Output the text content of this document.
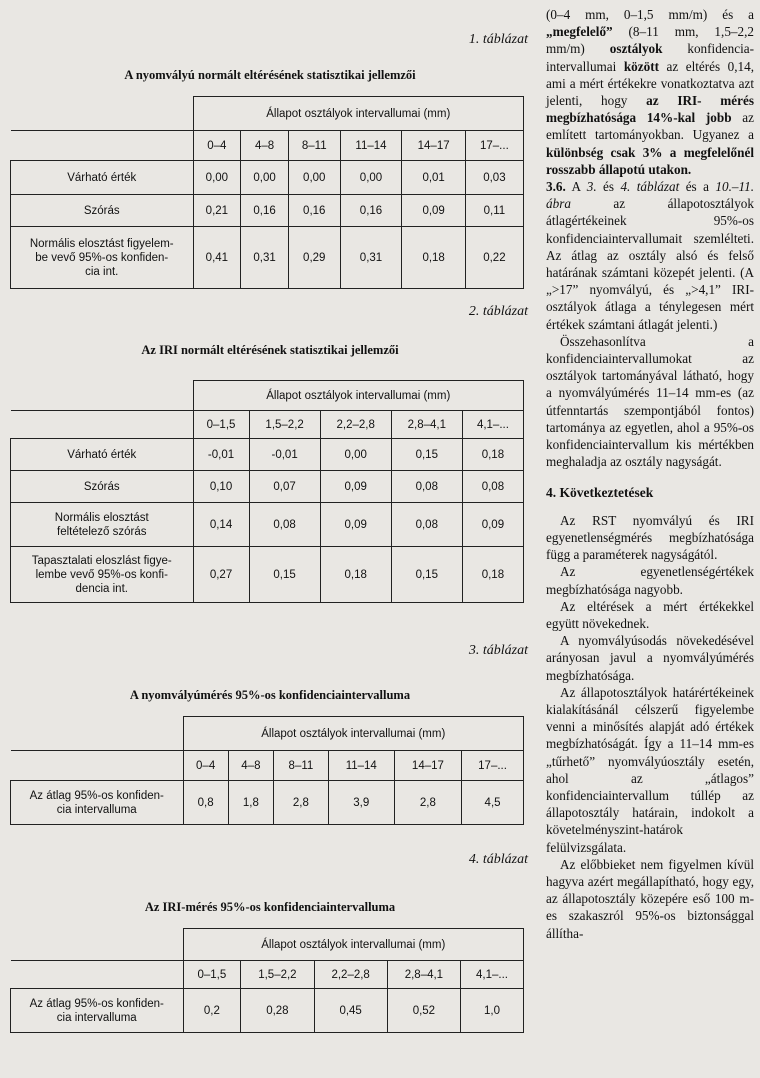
1. táblázat
A nyomvályú normált eltérésének statisztikai jellemzői
	Állapot osztályok intervallumai (mm)					
	0–4	4–8	8–11	11–14	14–17	17–...
Várható érték	0,00	0,00	0,00	0,00	0,01	0,03
Szórás	0,21	0,16	0,16	0,16	0,09	0,11

Normális elosztást figyelem-
be vevő 95%-os konfiden-
cia int.	0,41	0,31	0,29	0,31	0,18	0,22
2. táblázat
Az IRI normált eltérésének statisztikai jellemzői
	Állapot osztályok intervallumai (mm)				
	0–1,5	1,5–2,2	2,2–2,8	2,8–4,1	4,1–...
Várható érték	-0,01	-0,01	0,00	0,15	0,18
Szórás	0,10	0,07	0,09	0,08	0,08

Normális elosztást
feltételező szórás	0,14	0,08	0,09	0,08	0,09

Tapasztalati eloszlást figye-
lembe vevő 95%-os konfi-
dencia int.	0,27	0,15	0,18	0,15	0,18
3. táblázat
A nyomvályúmérés 95%-os konfidenciaintervalluma
	Állapot osztályok intervallumai (mm)					
	0–4	4–8	8–11	11–14	14–17	17–...

Az átlag 95%-os konfiden-
cia intervalluma	0,8	1,8	2,8	3,9	2,8	4,5
4. táblázat
Az IRI-mérés 95%-os konfidenciaintervalluma
	Állapot osztályok intervallumai (mm)				
	0–1,5	1,5–2,2	2,2–2,8	2,8–4,1	4,1–...

Az átlag 95%-os konfiden-
cia intervalluma	0,2	0,28	0,45	0,52	1,0

(0–4 mm, 0–1,5 mm/m) és a „megfelelő” (8–11 mm, 1,5–2,2 mm/m) osztályok konfidencia-intervallumai között az eltérés 0,14, ami a mért értékekre vonatkoztatva azt jelenti, hogy az IRI- mérés megbízhatósága 14%-kal jobb az említett tartományokban. Ugyanez a különbség csak 3% a megfelelőnél rosszabb állapotú utakon.

3.6. A 3. és 4. táblázat és a 10.–11. ábra az állapotosztályok átlagértékeinek 95%-os konfidenciaintervallumait szemlélteti. Az átlag az osztály alsó és felső határának számtani közepét jelenti. (A „>17” nyomvályú, és „>4,1” IRI-osztályok átlaga a ténylegesen mért értékek számtani átlagát jelenti.)

Összehasonlítva a konfidenciaintervallumokat az osztályok tartományával látható, hogy a nyomvályúmérés 11–14 mm-es (az útfenntartás szempontjából fontos) tartománya az egyetlen, ahol a 95%-os konfidenciaintervallum kis mértékben meghaladja az osztály nagyságát.

4. Következtetések

Az RST nyomvályú és IRI egyenetlenségmérés megbízhatósága függ a paraméterek nagyságától.

Az egyenetlenségértékek megbízhatósága nagyobb.

Az eltérések a mért értékekkel együtt növekednek.

A nyomvályúsodás növekedésével arányosan javul a nyomvályúmérés megbízhatósága.

Az állapotosztályok határértékeinek kialakításánál célszerű figyelembe venni a minősítés alapját adó értékek megbízhatóságát. Így a 11–14 mm-es „tűrhető” nyomvályúosztály esetén, ahol az „átlagos” konfidenciaintervallum túllép az állapotosztály határain, indokolt a követelményszint-határok felülvizsgálata.

Az előbbieket nem figyelmen kívül hagyva azért megállapítható, hogy egy, az állapotosztály közepére eső 100 m-es szakaszról 95%-os biztonsággal állítha-
